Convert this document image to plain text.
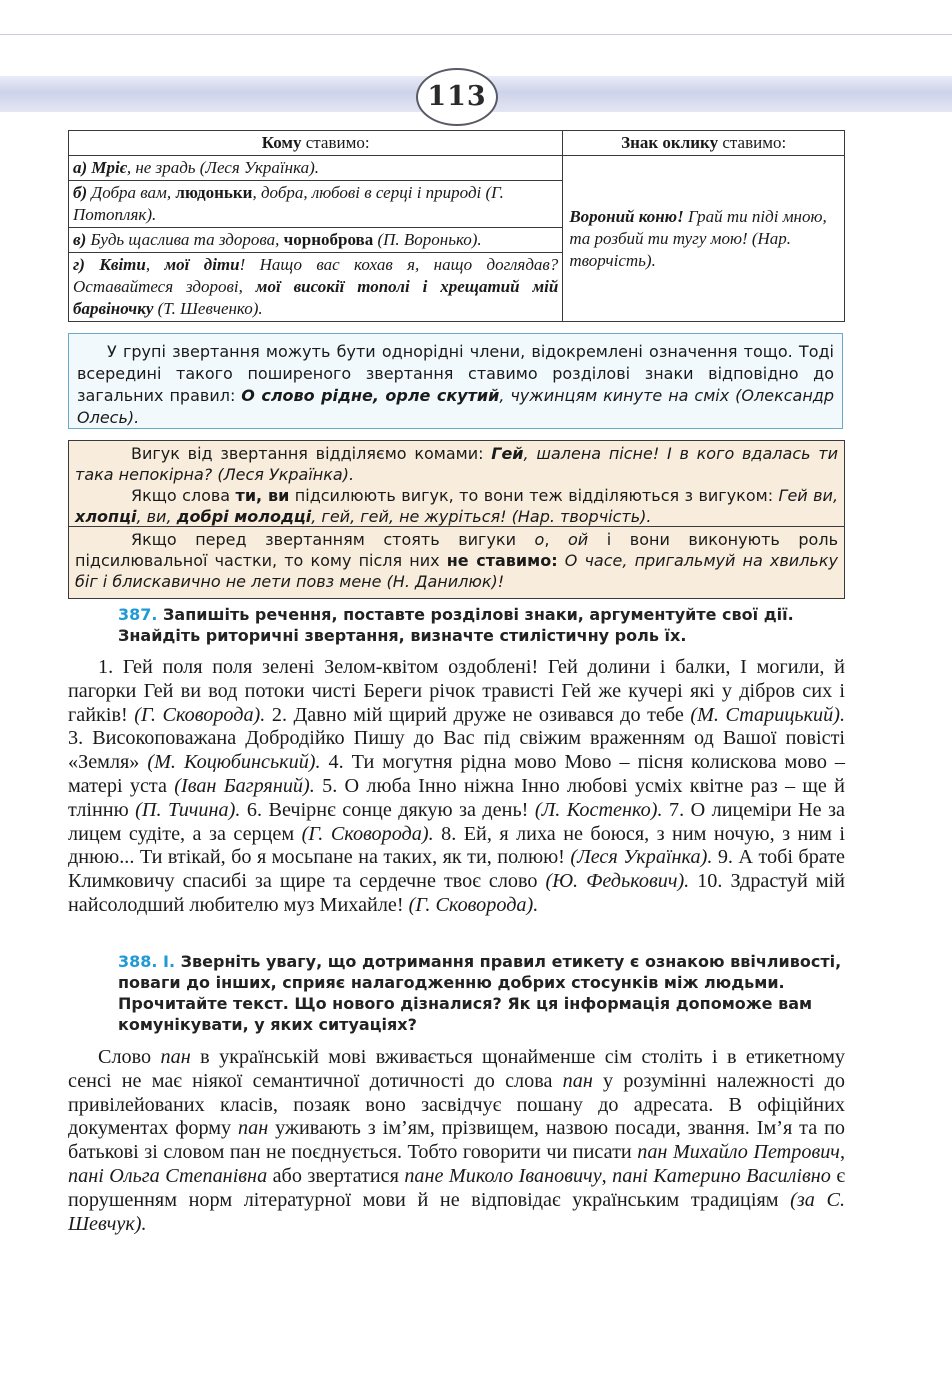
113
Кому ставимо:	Знак оклику ставимо:
а) Мріє, не зрадь (Леся Українка).	Вороний коню! Грай ти піді мною, та розбий ти тугу мою! (Нар. творчість).
б) Добра вам, людоньки, добра, любові в серці і природі (Г. Потопляк).	
в) Будь щаслива та здорова, чорноброва (П. Воронько).	
г) Квіти, мої діти! Нащо вас кохав я, нащо доглядав? Оставайтеся здорові, мої високії тополі і хрещатий мій барвіночку (Т. Шевченко).	

У групі звертання можуть бути однорідні члени, відокремлені означення тощо. Тоді всередині такого поширеного звертання ставимо розділові знаки відповідно до загальних правил: О слово рідне, орле скутий, чужинцям кинуте на сміх (Олександр Олесь).

Вигук від звертання відділяємо комами: Гей, шалена пісне! І в кого вдалась ти така непокірна? (Леся Українка).

Якщо слова ти, ви підсилюють вигук, то вони теж відділяються з вигуком: Гей ви, хлопці, ви, добрі молодці, гей, гей, не журіться! (Нар. творчість).

Якщо перед звертанням стоять вигуки о, ой і вони виконують роль підсилювальної частки, то кому після них не ставимо: О часе, пригальмуй на хвильку біг і блискавично не лети повз мене (Н. Данилюк)!

387. Запишіть речення, поставте розділові знаки, аргументуйте свої дії. Знайдіть риторичні звертання, визначте стилістичну роль їх.

1. Гей поля поля зелені Зелом-квітом оздоблені! Гей долини і балки, І могили, й пагорки Гей ви вод потоки чисті Береги річок трависті Гей же кучері які у дібров сих і гайків! (Г. Сковорода). 2. Давно мій щирий друже не озивався до тебе (М. Старицький). 3. Високоповажана Добродійко Пишу до Вас під свіжим враженням од Вашої повісті «Земля» (М. Коцюбинський). 4. Ти могутня рідна мово Мово – пісня колискова мово – матері уста (Іван Багряний). 5. О люба Інно ніжна Інно любові усміх квітне раз – ще й тлінню (П. Тичина). 6. Вечірнє сонце дякую за день! (Л. Костенко). 7. О лицеміри Не за лицем судіте, а за серцем (Г. Сковорода). 8. Ей, я лиха не боюся, з ним ночую, з ним і днюю... Ти втікай, бо я мосьпане на таких, як ти, полюю! (Леся Українка). 9. А тобі брате Климковичу спасибі за щире та сердечне твоє слово (Ю. Федькович). 10. Здрастуй мій найсолодший любителю муз Михайле! (Г. Сковорода).

388. І. Зверніть увагу, що дотримання правил етикету є ознакою ввічливості, поваги до інших, сприяє налагодженню добрих стосунків між людьми. Прочитайте текст. Що нового дізналися? Як ця інформація допоможе вам комунікувати, у яких ситуаціях?

Слово пан в українській мові вживається щонайменше сім століть і в етикетному сенсі не має ніякої семантичної дотичності до слова пан у розумінні належності до привілейованих класів, позаяк воно засвідчує пошану до адресата. В офіційних документах форму пан уживають з ім’ям, прізвищем, назвою посади, звання. Ім’я та по батькові зі словом пан не поєднується. Тобто говорити чи писати пан Михайло Петрович, пані Ольга Степанівна або звертатися пане Миколо Івановичу, пані Катерино Василівно є порушенням норм літературної мови й не відповідає українським традиціям (за С. Шевчук).
